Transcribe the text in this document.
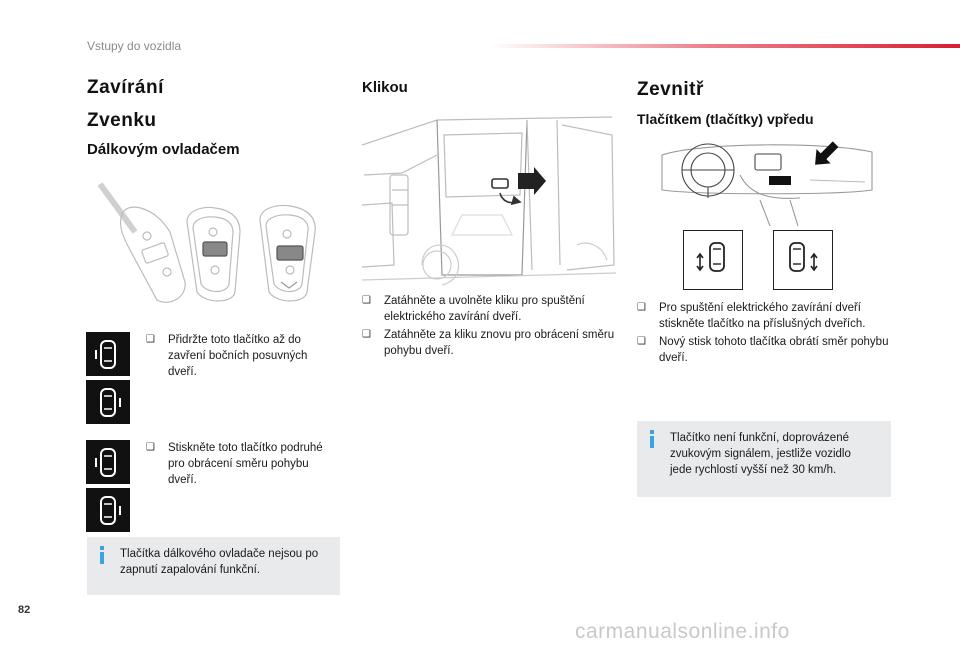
Vstupy do vozidla
Zavírání
Zvenku
Dálkovým ovladačem
❑ Přidržte toto tlačítko až do zavření bočních posuvných dveří.
❑ Stiskněte toto tlačítko podruhé pro obrácení směru pohybu dveří.
Tlačítka dálkového ovladače nejsou po zapnutí zapalování funkční.
Klikou
❑ Zatáhněte a uvolněte kliku pro spuštění elektrického zavírání dveří.
❑ Zatáhněte za kliku znovu pro obrácení směru pohybu dveří.
Zevnitř
Tlačítkem (tlačítky) vpředu
❑ Pro spuštění elektrického zavírání dveří stiskněte tlačítko na příslušných dveřích.
❑ Nový stisk tohoto tlačítka obrátí směr pohybu dveří.
Tlačítko není funkční, doprovázené zvukovým signálem, jestliže vozidlo jede rychlostí vyšší než 30 km/h.
82
carmanualsonline.info
